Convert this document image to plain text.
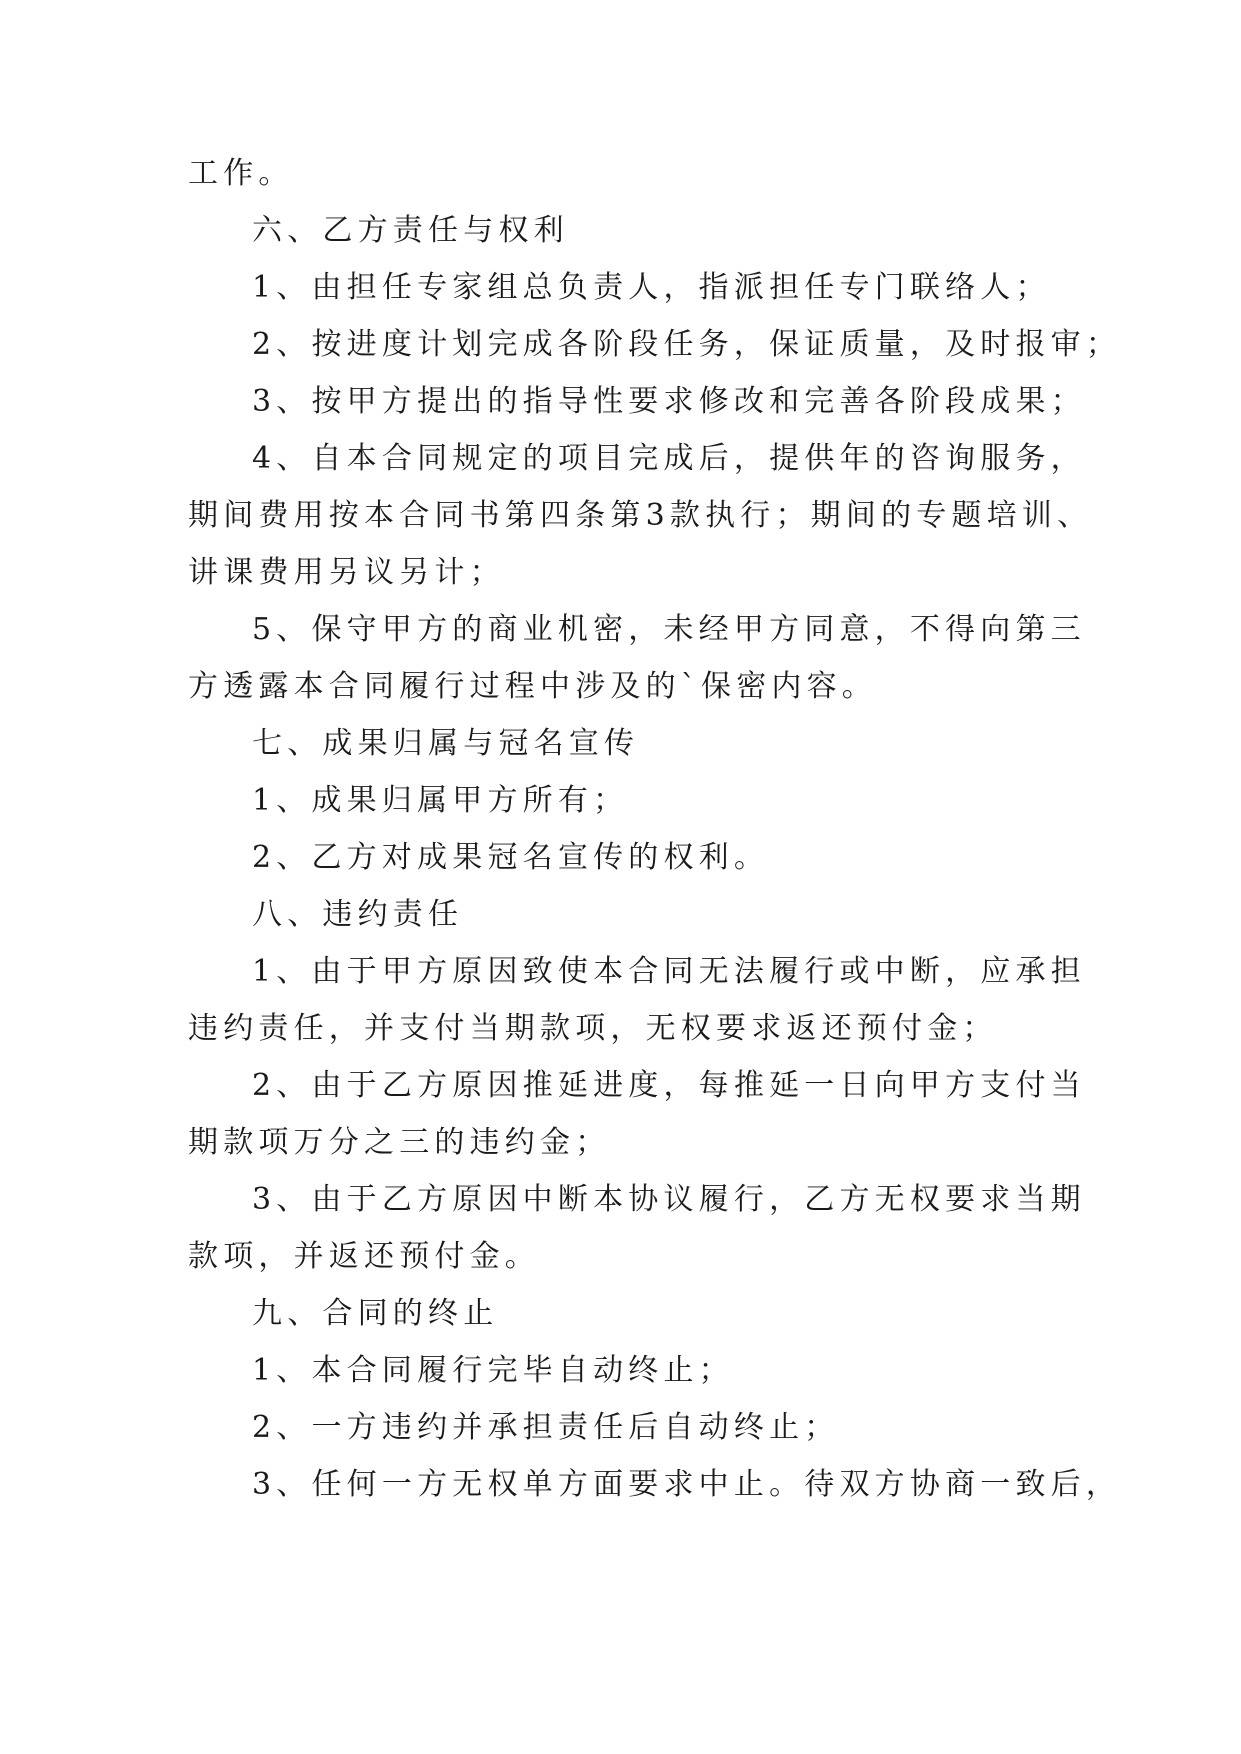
工作。
六、乙方责任与权利
1、由担任专家组总负责人，指派担任专门联络人；
2、按进度计划完成各阶段任务，保证质量，及时报审；
3、按甲方提出的指导性要求修改和完善各阶段成果；
4、自本合同规定的项目完成后，提供年的咨询服务，
期间费用按本合同书第四条第3款执行；期间的专题培训、
讲课费用另议另计；
5、保守甲方的商业机密，未经甲方同意，不得向第三
方透露本合同履行过程中涉及的`保密内容。
七、成果归属与冠名宣传
1、成果归属甲方所有；
2、乙方对成果冠名宣传的权利。
八、违约责任
1、由于甲方原因致使本合同无法履行或中断，应承担
违约责任，并支付当期款项，无权要求返还预付金；
2、由于乙方原因推延进度，每推延一日向甲方支付当
期款项万分之三的违约金；
3、由于乙方原因中断本协议履行，乙方无权要求当期
款项，并返还预付金。
九、合同的终止
1、本合同履行完毕自动终止；
2、一方违约并承担责任后自动终止；
3、任何一方无权单方面要求中止。待双方协商一致后，
